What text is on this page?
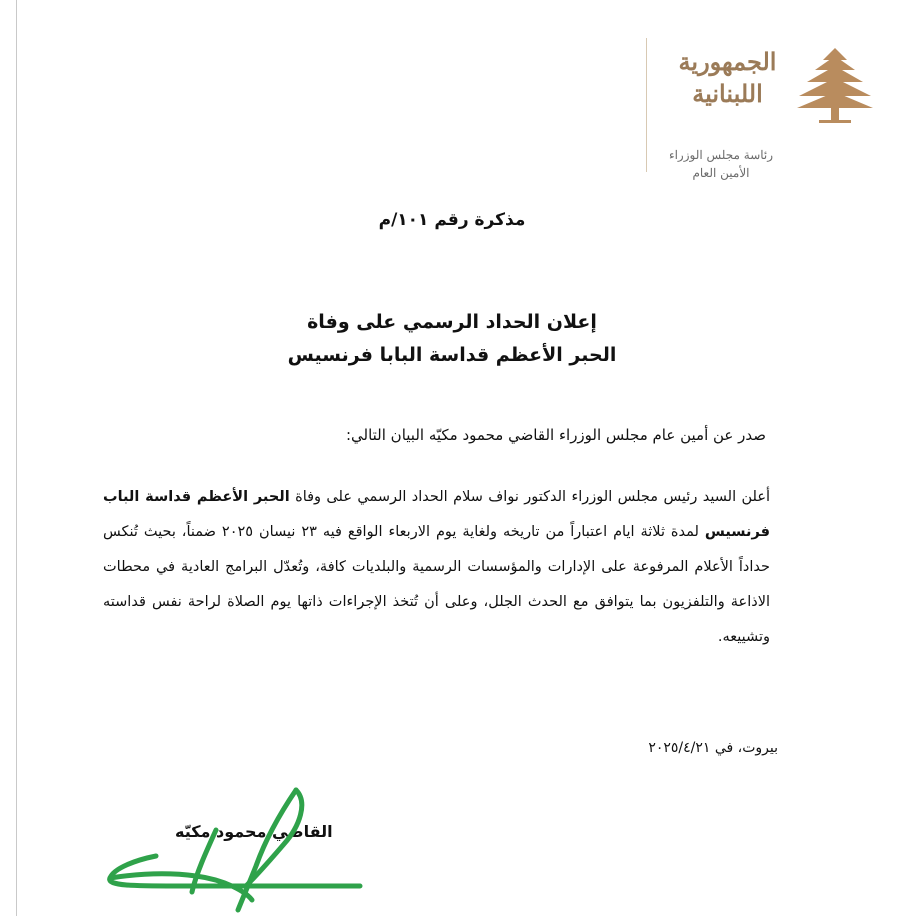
الجمهورية
اللبنانية
رئاسة مجلس الوزراء
الأمين العام
مذكرة رقم ١٠١/م
إعلان الحداد الرسمي على وفاة
الحبر الأعظم قداسة البابا فرنسيس
صدر عن أمين عام مجلس الوزراء القاضي محمود مكيّه البيان التالي:
أعلن السيد رئيس مجلس الوزراء الدكتور نواف سلام الحداد الرسمي على وفاة الحبر الأعظم قداسة الباب فرنسيس لمدة ثلاثة ايام اعتباراً من تاريخه ولغاية يوم الاربعاء الواقع فيه ٢٣ نيسان ٢٠٢٥ ضمناً، بحيث تُنكس حداداً الأعلام المرفوعة على الإدارات والمؤسسات الرسمية والبلديات كافة، وتُعدّل البرامج العادية في محطات الاذاعة والتلفزيون بما يتوافق مع الحدث الجلل، وعلى أن تُتخذ الإجراءات ذاتها يوم الصلاة لراحة نفس قداسته وتشييعه.
بيروت، في ٢٠٢٥/٤/٢١
القاضي محمود مكيّه
